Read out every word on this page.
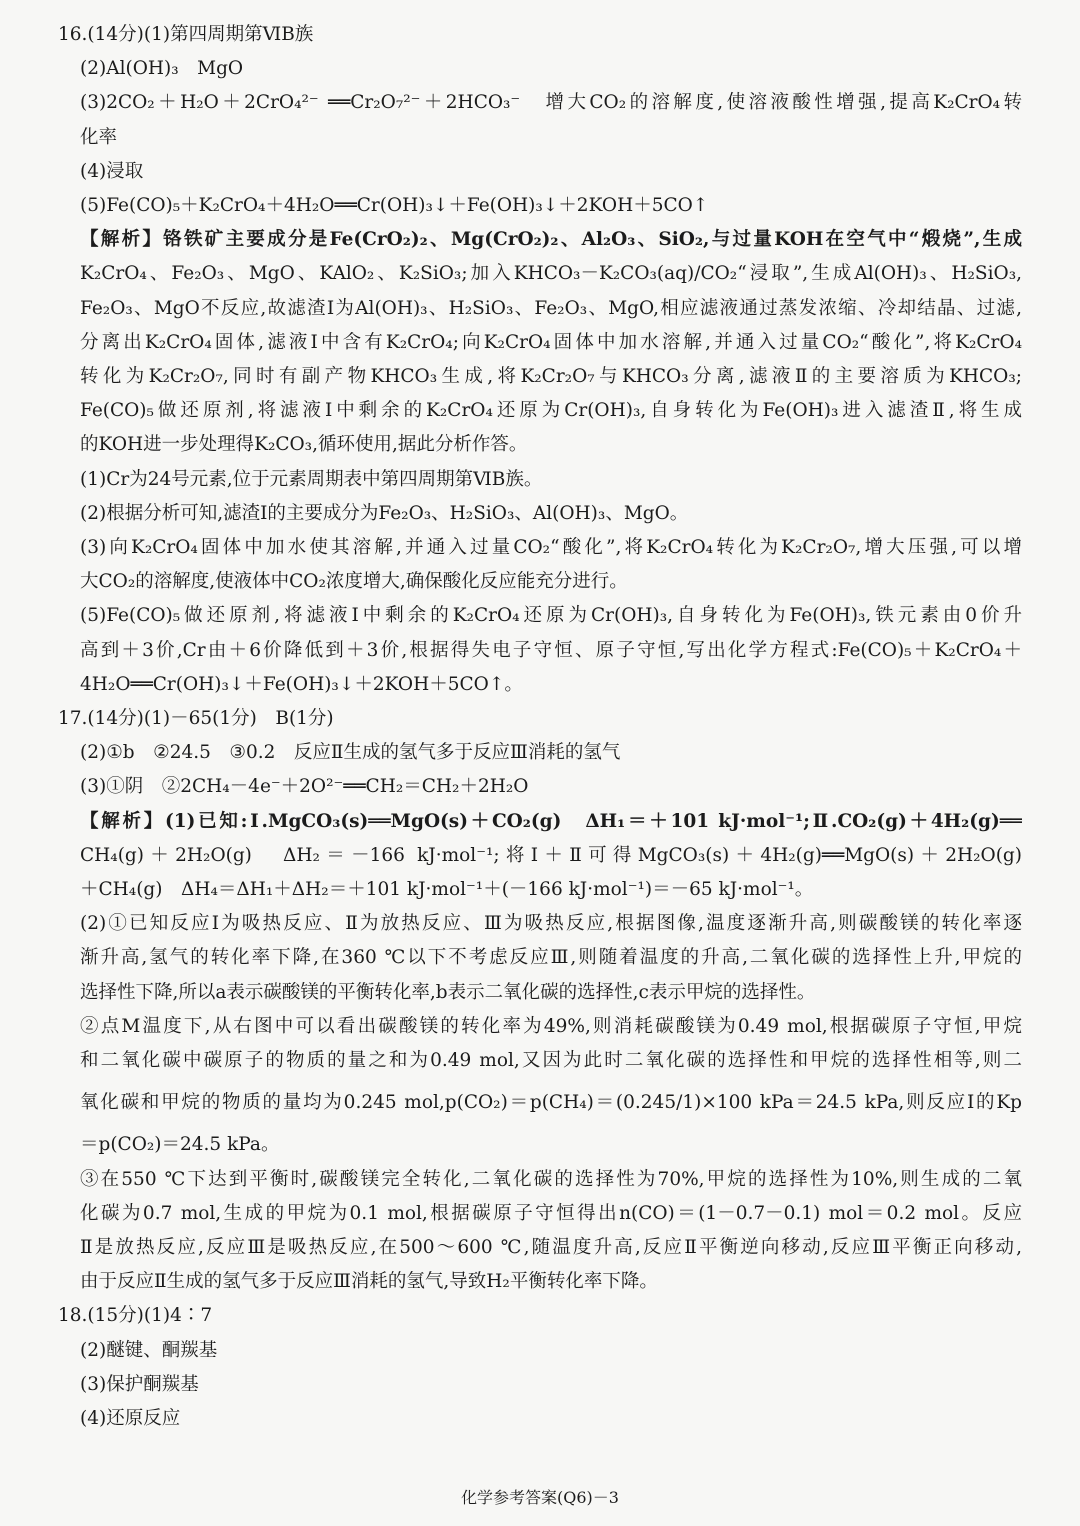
16.(14分)(1)第四周期第ⅥB族
(2)Al(OH)₃　MgO
(3)2CO₂＋H₂O＋2CrO₄²⁻ ══Cr₂O₇²⁻＋2HCO₃⁻　增大CO₂的溶解度,使溶液酸性增强,提高K₂CrO₄转
化率
(4)浸取
(5)Fe(CO)₅＋K₂CrO₄＋4H₂O══Cr(OH)₃↓＋Fe(OH)₃↓＋2KOH＋5CO↑
【解析】铬铁矿主要成分是Fe(CrO₂)₂、Mg(CrO₂)₂、Al₂O₃、SiO₂,与过量KOH在空气中“煅烧”,生成
K₂CrO₄、Fe₂O₃、MgO、KAlO₂、K₂SiO₃;加入KHCO₃－K₂CO₃(aq)/CO₂“浸取”,生成Al(OH)₃、H₂SiO₃,
Fe₂O₃、MgO不反应,故滤渣Ⅰ为Al(OH)₃、H₂SiO₃、Fe₂O₃、MgO,相应滤液通过蒸发浓缩、冷却结晶、过滤,
分离出K₂CrO₄固体,滤液Ⅰ中含有K₂CrO₄;向K₂CrO₄固体中加水溶解,并通入过量CO₂“酸化”,将K₂CrO₄
转化为K₂Cr₂O₇,同时有副产物KHCO₃生成,将K₂Cr₂O₇与KHCO₃分离,滤液Ⅱ的主要溶质为KHCO₃;
Fe(CO)₅做还原剂,将滤液Ⅰ中剩余的K₂CrO₄还原为Cr(OH)₃,自身转化为Fe(OH)₃进入滤渣Ⅱ,将生成
的KOH进一步处理得K₂CO₃,循环使用,据此分析作答。
(1)Cr为24号元素,位于元素周期表中第四周期第ⅥB族。
(2)根据分析可知,滤渣Ⅰ的主要成分为Fe₂O₃、H₂SiO₃、Al(OH)₃、MgO。
(3)向K₂CrO₄固体中加水使其溶解,并通入过量CO₂“酸化”,将K₂CrO₄转化为K₂Cr₂O₇,增大压强,可以增
大CO₂的溶解度,使液体中CO₂浓度增大,确保酸化反应能充分进行。
(5)Fe(CO)₅做还原剂,将滤液Ⅰ中剩余的K₂CrO₄还原为Cr(OH)₃,自身转化为Fe(OH)₃,铁元素由0价升
高到＋3价,Cr由＋6价降低到＋3价,根据得失电子守恒、原子守恒,写出化学方程式:Fe(CO)₅＋K₂CrO₄＋
4H₂O══Cr(OH)₃↓＋Fe(OH)₃↓＋2KOH＋5CO↑。
17.(14分)(1)－65(1分)　B(1分)
(2)①b　②24.5　③0.2　反应Ⅱ生成的氢气多于反应Ⅲ消耗的氢气
(3)①阴　②2CH₄－4e⁻＋2O²⁻══CH₂＝CH₂＋2H₂O
【解析】(1)已知:Ⅰ.MgCO₃(s)══MgO(s)＋CO₂(g)　ΔH₁＝＋101 kJ·mol⁻¹;Ⅱ.CO₂(g)＋4H₂(g)══
CH₄(g)＋2H₂O(g)　ΔH₂＝－166 kJ·mol⁻¹;将Ⅰ＋Ⅱ可得MgCO₃(s)＋4H₂(g)══MgO(s)＋2H₂O(g)
＋CH₄(g)　ΔH₄＝ΔH₁＋ΔH₂＝＋101 kJ·mol⁻¹＋(－166 kJ·mol⁻¹)＝－65 kJ·mol⁻¹。
(2)①已知反应Ⅰ为吸热反应、Ⅱ为放热反应、Ⅲ为吸热反应,根据图像,温度逐渐升高,则碳酸镁的转化率逐
渐升高,氢气的转化率下降,在360 ℃以下不考虑反应Ⅲ,则随着温度的升高,二氧化碳的选择性上升,甲烷的
选择性下降,所以a表示碳酸镁的平衡转化率,b表示二氧化碳的选择性,c表示甲烷的选择性。
②点M温度下,从右图中可以看出碳酸镁的转化率为49%,则消耗碳酸镁为0.49 mol,根据碳原子守恒,甲烷
和二氧化碳中碳原子的物质的量之和为0.49 mol,又因为此时二氧化碳的选择性和甲烷的选择性相等,则二
氧化碳和甲烷的物质的量均为0.245 mol,p(CO₂)＝p(CH₄)＝(0.245/1)×100 kPa＝24.5 kPa,则反应Ⅰ的Kp
＝p(CO₂)＝24.5 kPa。
③在550 ℃下达到平衡时,碳酸镁完全转化,二氧化碳的选择性为70%,甲烷的选择性为10%,则生成的二氧
化碳为0.7 mol,生成的甲烷为0.1 mol,根据碳原子守恒得出n(CO)＝(1－0.7－0.1) mol＝0.2 mol。反应
Ⅱ是放热反应,反应Ⅲ是吸热反应,在500～600 ℃,随温度升高,反应Ⅱ平衡逆向移动,反应Ⅲ平衡正向移动,
由于反应Ⅱ生成的氢气多于反应Ⅲ消耗的氢气,导致H₂平衡转化率下降。
18.(15分)(1)4∶7
(2)醚键、酮羰基
(3)保护酮羰基
(4)还原反应
化学参考答案(Q6)－3
